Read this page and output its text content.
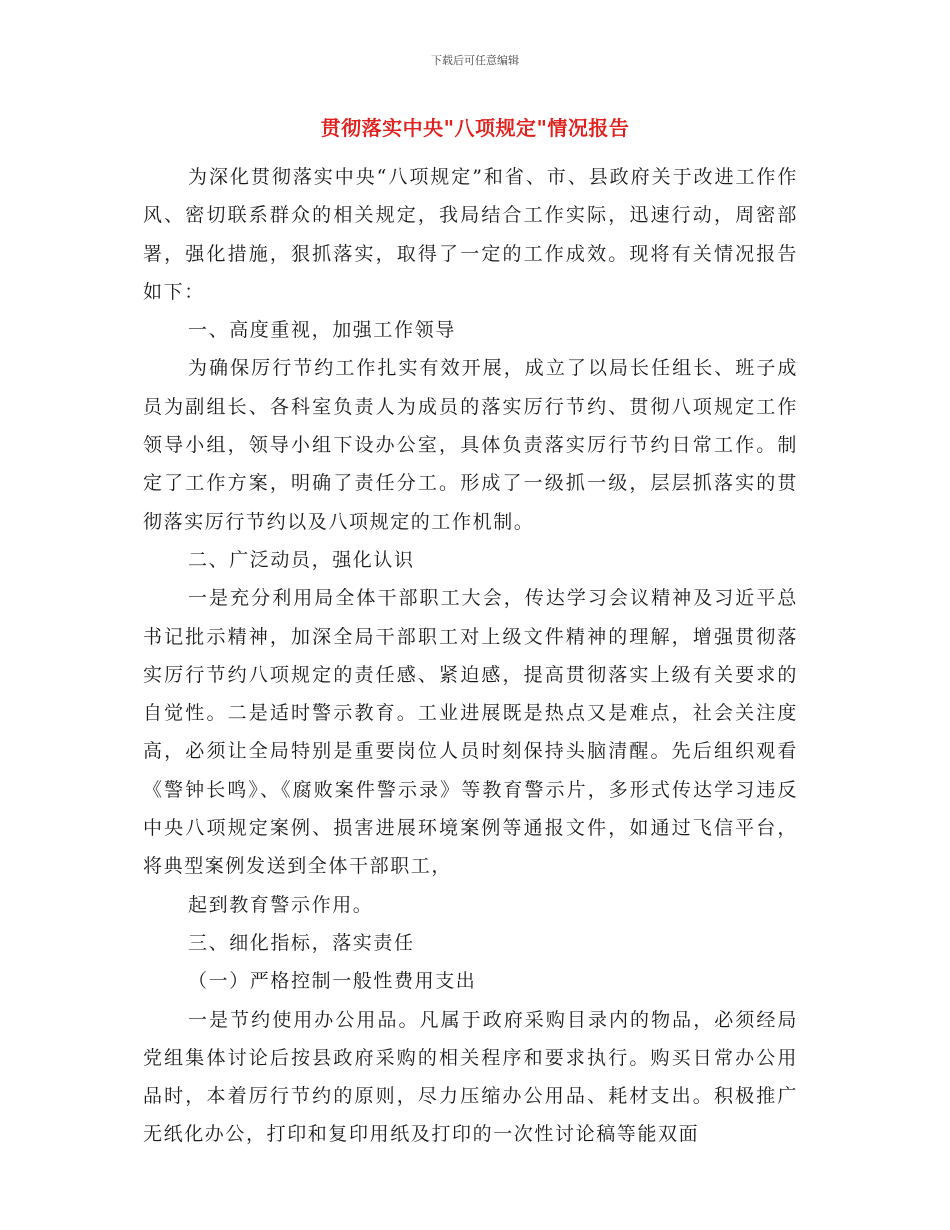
下载后可任意编辑
贯彻落实中央"八项规定"情况报告

为深化贯彻落实中央“八项规定”和省、市、县政府关于改进工作作风、密切联系群众的相关规定，我局结合工作实际，迅速行动，周密部署，强化措施，狠抓落实，取得了一定的工作成效。现将有关情况报告如下：

一、高度重视，加强工作领导

为确保厉行节约工作扎实有效开展，成立了以局长任组长、班子成员为副组长、各科室负责人为成员的落实厉行节约、贯彻八项规定工作领导小组，领导小组下设办公室，具体负责落实厉行节约日常工作。制定了工作方案，明确了责任分工。形成了一级抓一级，层层抓落实的贯彻落实厉行节约以及八项规定的工作机制。

二、广泛动员，强化认识

一是充分利用局全体干部职工大会，传达学习会议精神及习近平总书记批示精神，加深全局干部职工对上级文件精神的理解，增强贯彻落实厉行节约八项规定的责任感、紧迫感，提高贯彻落实上级有关要求的自觉性。二是适时警示教育。工业进展既是热点又是难点，社会关注度高，必须让全局特别是重要岗位人员时刻保持头脑清醒。先后组织观看《警钟长鸣》、《腐败案件警示录》等教育警示片，多形式传达学习违反中央八项规定案例、损害进展环境案例等通报文件，如通过飞信平台，将典型案例发送到全体干部职工，

起到教育警示作用。

三、细化指标，落实责任

（一）严格控制一般性费用支出

一是节约使用办公用品。凡属于政府采购目录内的物品，必须经局党组集体讨论后按县政府采购的相关程序和要求执行。购买日常办公用品时，本着厉行节约的原则，尽力压缩办公用品、耗材支出。积极推广无纸化办公，打印和复印用纸及打印的一次性讨论稿等能双面
